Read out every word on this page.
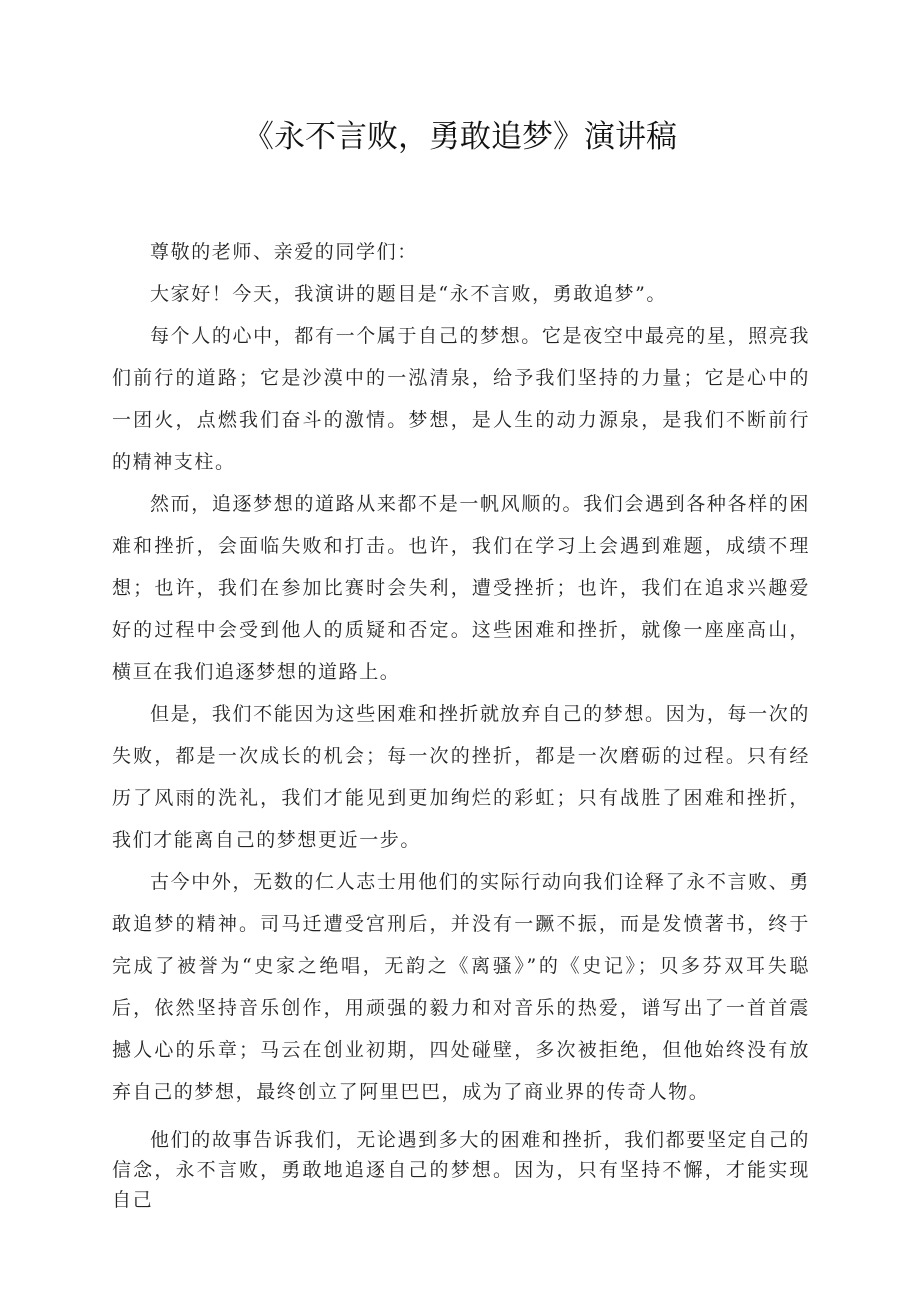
《永不言败，勇敢追梦》演讲稿

尊敬的老师、亲爱的同学们：

大家好！今天，我演讲的题目是“永不言败，勇敢追梦”。

每个人的心中，都有一个属于自己的梦想。它是夜空中最亮的星，照亮我们前行的道路；它是沙漠中的一泓清泉，给予我们坚持的力量；它是心中的一团火，点燃我们奋斗的激情。梦想，是人生的动力源泉，是我们不断前行的精神支柱。

然而，追逐梦想的道路从来都不是一帆风顺的。我们会遇到各种各样的困难和挫折，会面临失败和打击。也许，我们在学习上会遇到难题，成绩不理想；也许，我们在参加比赛时会失利，遭受挫折；也许，我们在追求兴趣爱好的过程中会受到他人的质疑和否定。这些困难和挫折，就像一座座高山，横亘在我们追逐梦想的道路上。

但是，我们不能因为这些困难和挫折就放弃自己的梦想。因为，每一次的失败，都是一次成长的机会；每一次的挫折，都是一次磨砺的过程。只有经历了风雨的洗礼，我们才能见到更加绚烂的彩虹；只有战胜了困难和挫折，我们才能离自己的梦想更近一步。

古今中外，无数的仁人志士用他们的实际行动向我们诠释了永不言败、勇敢追梦的精神。司马迁遭受宫刑后，并没有一蹶不振，而是发愤著书，终于完成了被誉为“史家之绝唱，无韵之《离骚》”的《史记》；贝多芬双耳失聪后，依然坚持音乐创作，用顽强的毅力和对音乐的热爱，谱写出了一首首震撼人心的乐章；马云在创业初期，四处碰壁，多次被拒绝，但他始终没有放弃自己的梦想，最终创立了阿里巴巴，成为了商业界的传奇人物。

他们的故事告诉我们，无论遇到多大的困难和挫折，我们都要坚定自己的信念，永不言败，勇敢地追逐自己的梦想。因为，只有坚持不懈，才能实现自己
